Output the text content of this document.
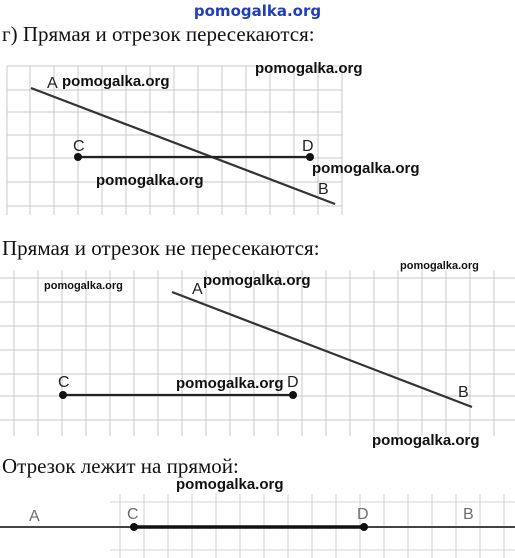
pomogalka.org

г) Прямая и отрезок пересекаются:

A
C	D
B

Прямая и отрезок не пересекаются:

A
C	D
B

Отрезок лежит на прямой:

A	C	D	B
pomogalka.org
pomogalka.org
pomogalka.org
pomogalka.org
pomogalka.org
pomogalka.org
pomogalka.org
pomogalka.org
pomogalka.org
pomogalka.org
